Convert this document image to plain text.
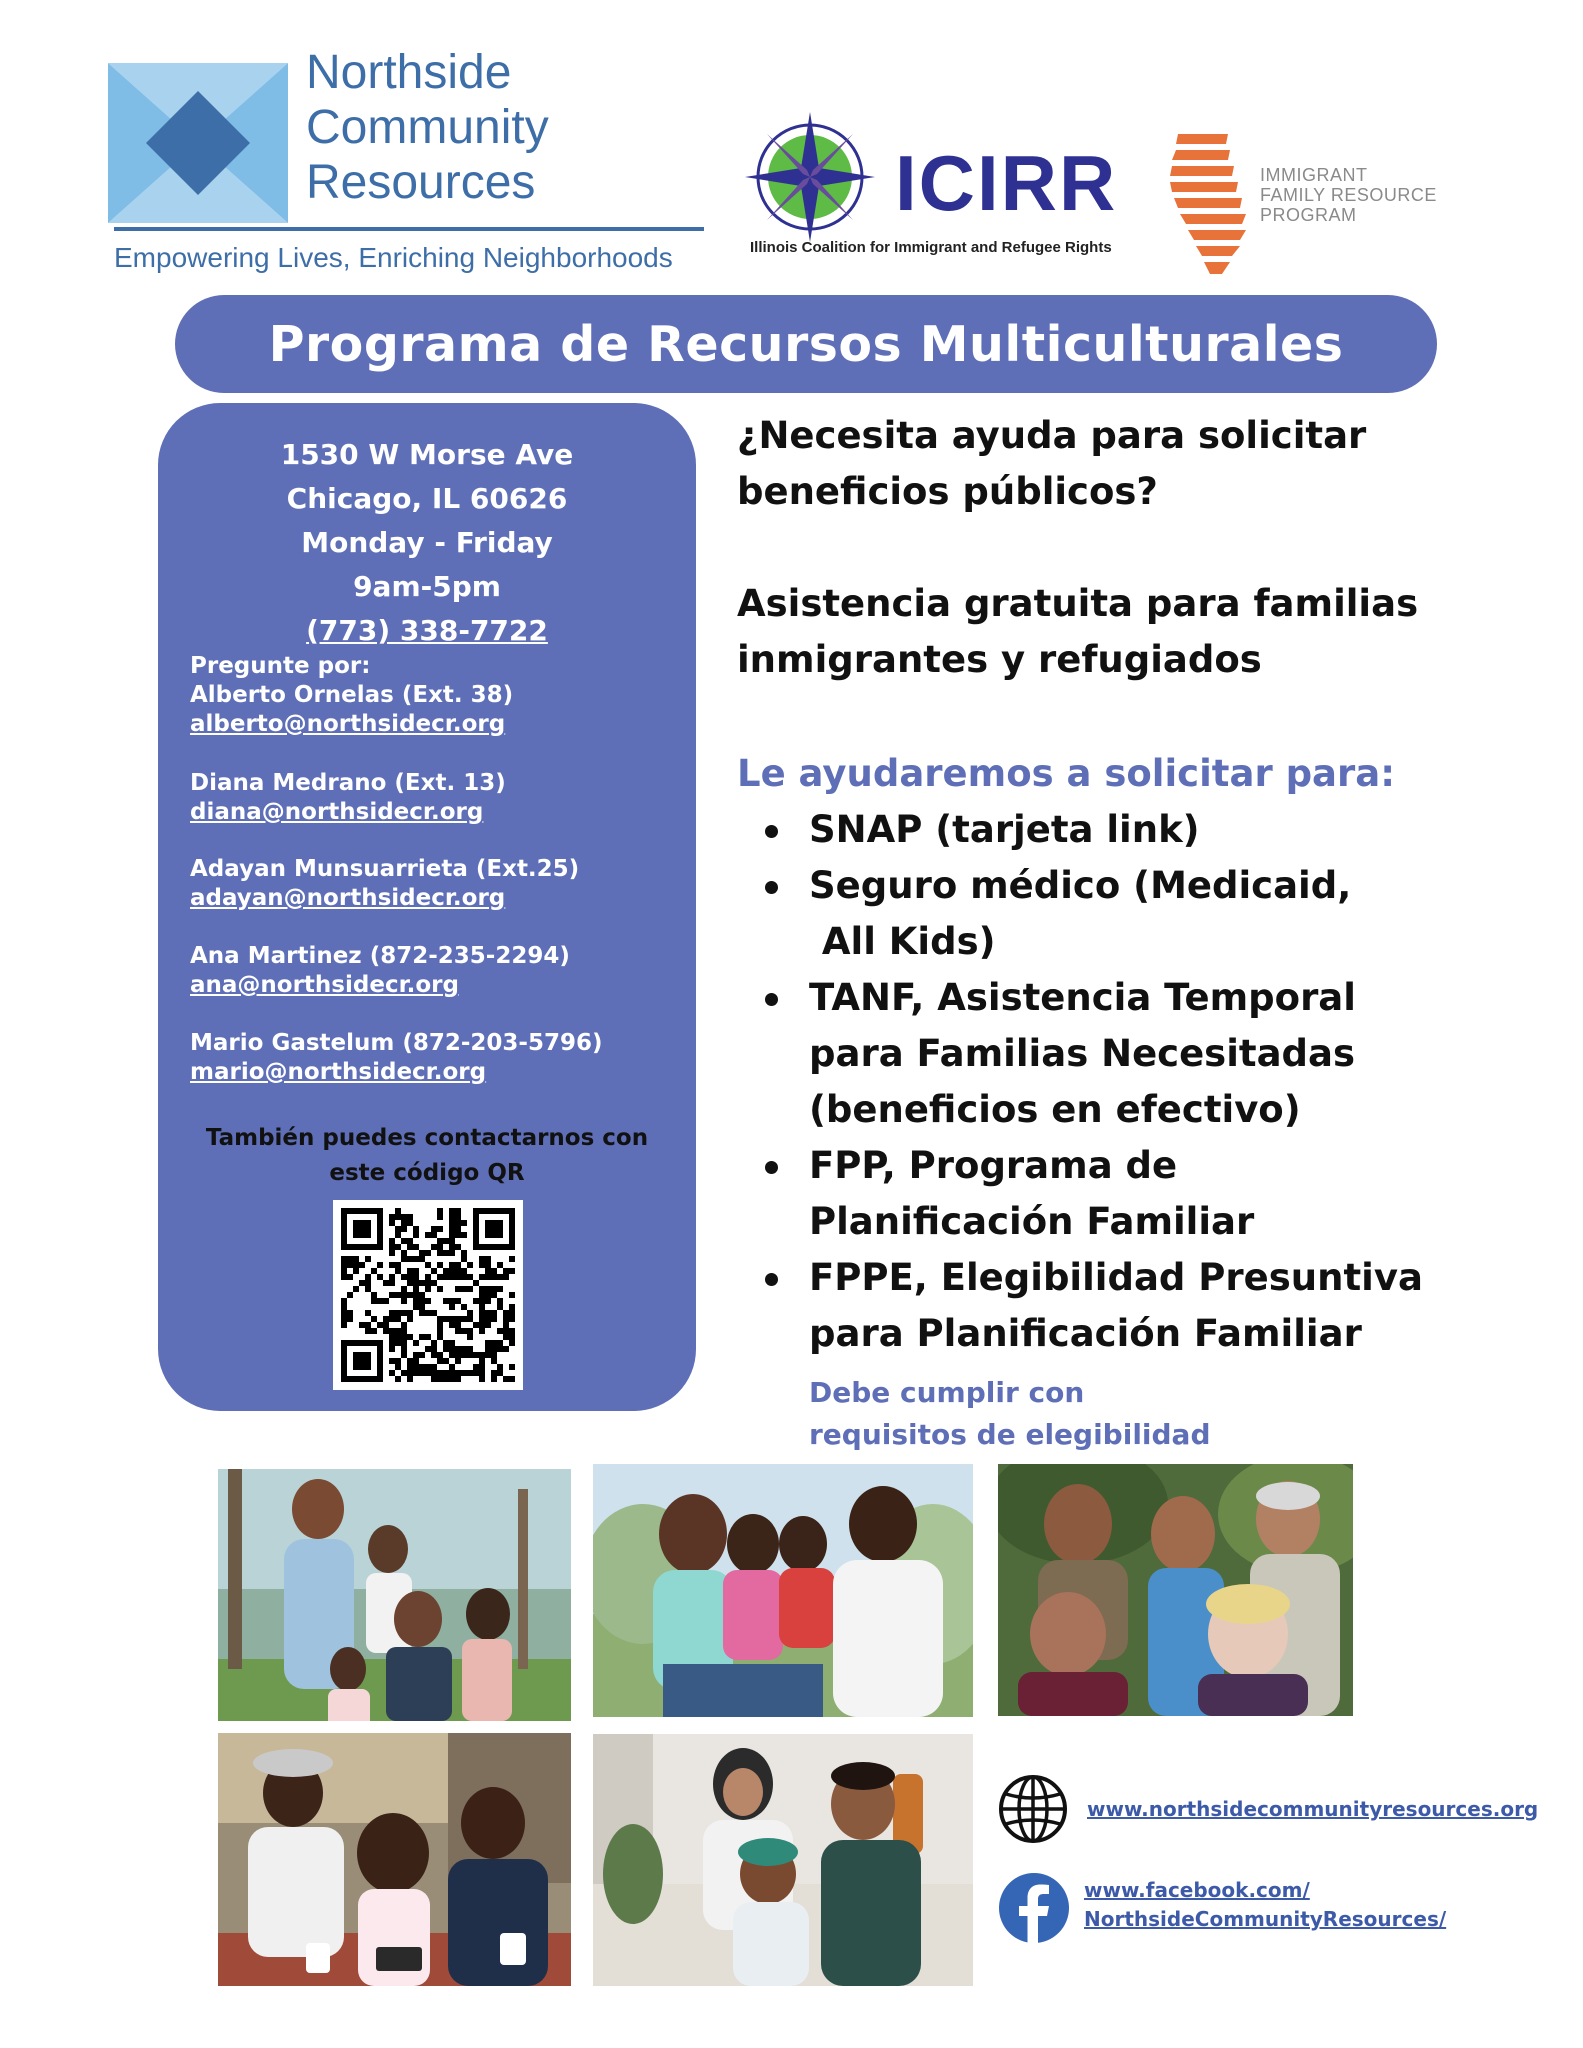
Northside
Community
Resources
Empowering Lives, Enriching Neighborhoods
ICIRR
Illinois Coalition for Immigrant and Refugee Rights
IMMIGRANT
FAMILY RESOURCE
PROGRAM
Programa de Recursos Multiculturales
1530 W Morse Ave
Chicago, IL 60626
Monday - Friday
9am-5pm
(773) 338-7722
Pregunte por:
Alberto Ornelas (Ext. 38)
alberto@northsidecr.org
Diana Medrano (Ext. 13)
diana@northsidecr.org
Adayan Munsuarrieta (Ext.25)
adayan@northsidecr.org
Ana Martinez (872-235-2294)
ana@northsidecr.org
Mario Gastelum (872-203-5796)
mario@northsidecr.org
También puedes contactarnos con
este código QR
¿Necesita ayuda para solicitar
beneficios públicos?
Asistencia gratuita para familias
inmigrantes y refugiados
Le ayudaremos a solicitar para:
SNAP (tarjeta link)
Seguro médico (Medicaid,
All Kids)
TANF, Asistencia Temporal
para Familias Necesitadas
(beneficios en efectivo)
FPP, Programa de
Planificación Familiar
FPPE, Elegibilidad Presuntiva
para Planificación Familiar
Debe cumplir con
requisitos de elegibilidad
www.northsidecommunityresources.org
www.facebook.com/
NorthsideCommunityResources/
